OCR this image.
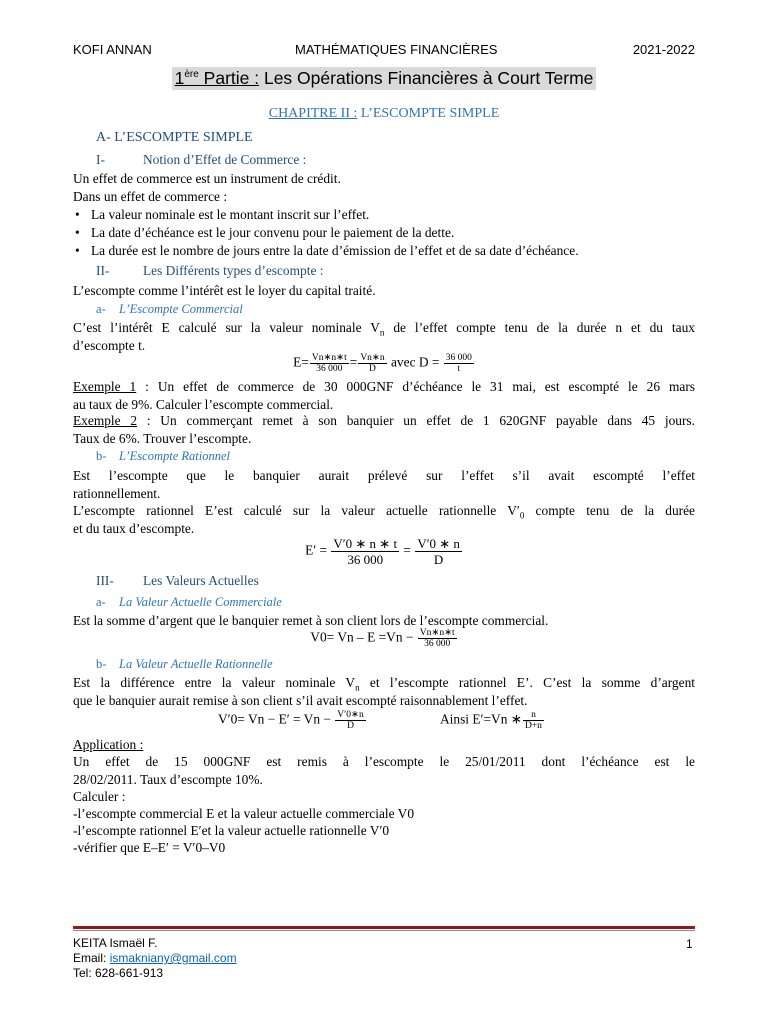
KOFI ANNAN	MATHÉMATIQUES FINANCIÈRES	2021-2022
1ère Partie : Les Opérations Financières à Court Terme
CHAPITRE II : L’ESCOMPTE SIMPLE
A- L’ESCOMPTE SIMPLE
I-	Notion d’Effet de Commerce :
Un effet de commerce est un instrument de crédit.
Dans un effet de commerce :
• La valeur nominale est le montant inscrit sur l’effet.
• La date d’échéance est le jour convenu pour le paiement de la dette.
• La durée est le nombre de jours entre la date d’émission de l’effet et de sa date d’échéance.
II-	Les Différents types d’escompte :
L’escompte comme l’intérêt est le loyer du capital traité.
a- L’Escompte Commercial
C’est l’intérêt E calculé sur la valeur nominale $V_n$ de l’effet compte tenu de la durée n et du taux
d’escompte t.
$E= \frac{Vn∗n∗t}{36 000} = \frac{Vn∗n}{D}$ avec $D = \frac{36 000}{t}$
Exemple 1 : Un effet de commerce de 30 000GNF d’échéance le 31 mai, est escompté le 26 mars
au taux de 9%. Calculer l’escompte commercial.
Exemple 2 : Un commerçant remet à son banquier un effet de 1 620GNF payable dans 45 jours.
Taux de 6%. Trouver l’escompte.
b- L’Escompte Rationnel
Est l’escompte que le banquier aurait prélevé sur l’effet s’il avait escompté l’effet
rationnellement.
L’escompte rationnel E’est calculé sur la valeur actuelle rationnelle $V'_0$ compte tenu de la durée
et du taux d’escompte.
$E' = \frac{V'0 ∗ n ∗ t}{36 000} = \frac{V'0 ∗ n}{D}$
III- Les Valeurs Actuelles
a- La Valeur Actuelle Commerciale
Est la somme d’argent que le banquier remet à son client lors de l’escompte commercial.
$V0= Vn - E =Vn - \frac{Vn∗n∗t}{36 000}$
b- La Valeur Actuelle Rationnelle
Est la différence entre la valeur nominale $V_n$ et l’escompte rationnel E’. C’est la somme d’argent
que le banquier aurait remise à son client s’il avait escompté raisonnablement l’effet.
$V'0= Vn - E' = Vn - \frac{V'0∗n}{D}$	Ainsi E′=Vn ∗ $\frac{n}{D+n}$
Application :
Un effet de 15 000GNF est remis à l’escompte le 25/01/2011 dont l’échéance est le
28/02/2011. Taux d’escompte 10%.
Calculer :
-l’escompte commercial E et la valeur actuelle commerciale V0
-l’escompte rationnel E′et la valeur actuelle rationnelle V′0
-vérifier que E–E′ = V′0–V0
KEITA Ismaël F.
Email: ismakniany@gmail.com
Tel: 628-661-913
1
